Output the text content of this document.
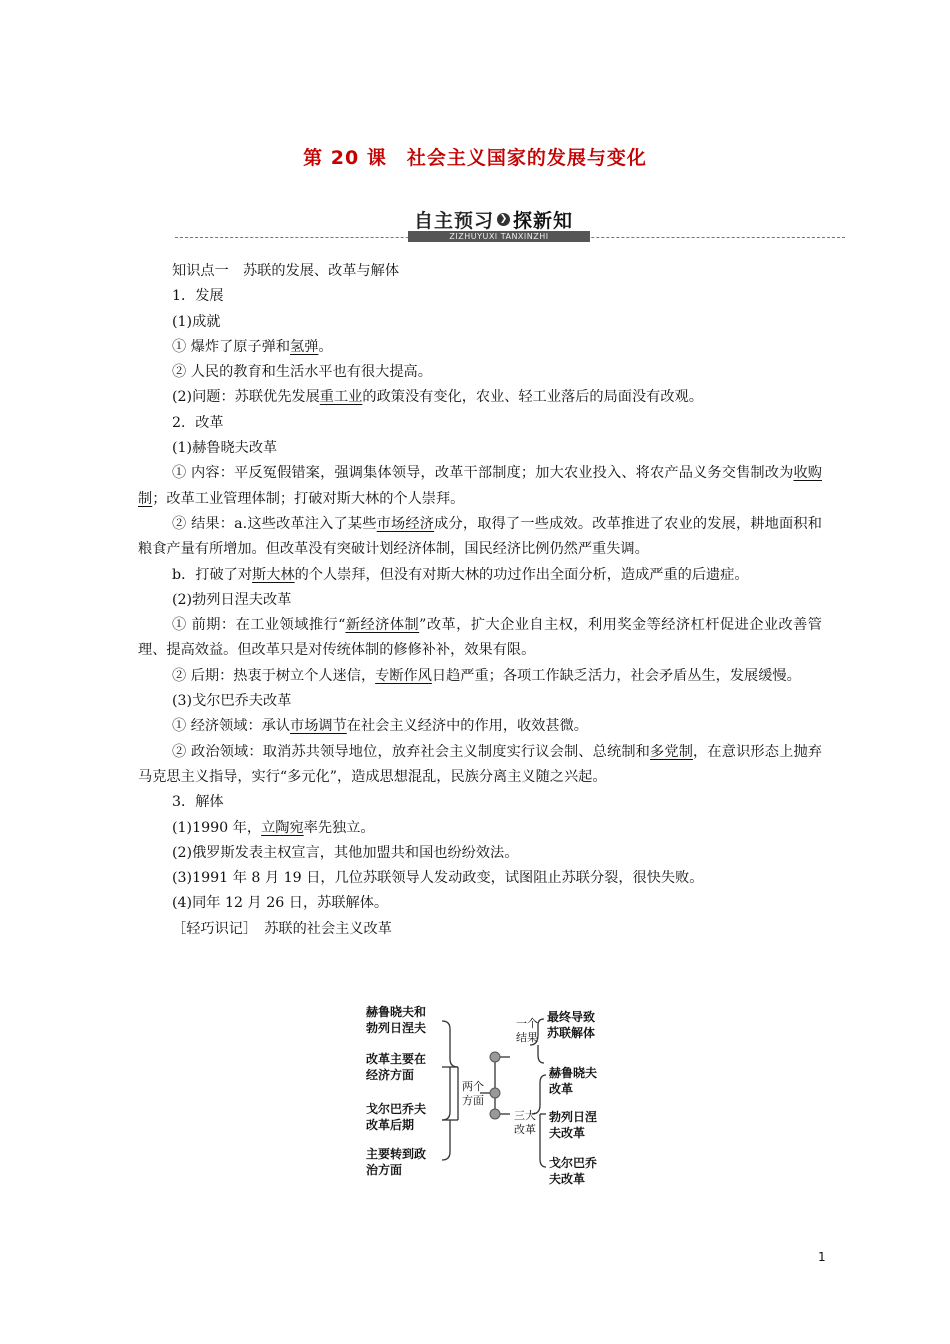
第 20 课　社会主义国家的发展与变化
自主预习 ❯ 探新知
ZIZHUYUXI TANXINZHI

知识点一　苏联的发展、改革与解体

1．发展

(1)成就

① 爆炸了原子弹和氢弹。

② 人民的教育和生活水平也有很大提高。

(2)问题：苏联优先发展重工业的政策没有变化，农业、轻工业落后的局面没有改观。

2．改革

(1)赫鲁晓夫改革

① 内容：平反冤假错案，强调集体领导，改革干部制度；加大农业投入、将农产品义务交售制改为收购制；改革工业管理体制；打破对斯大林的个人崇拜。

② 结果：a.这些改革注入了某些市场经济成分，取得了一些成效。改革推进了农业的发展，耕地面积和粮食产量有所增加。但改革没有突破计划经济体制，国民经济比例仍然严重失调。

b．打破了对斯大林的个人崇拜，但没有对斯大林的功过作出全面分析，造成严重的后遗症。

(2)勃列日涅夫改革

① 前期：在工业领域推行“新经济体制”改革，扩大企业自主权，利用奖金等经济杠杆促进企业改善管理、提高效益。但改革只是对传统体制的修修补补，效果有限。

② 后期：热衷于树立个人迷信，专断作风日趋严重；各项工作缺乏活力，社会矛盾丛生，发展缓慢。

(3)戈尔巴乔夫改革

① 经济领域：承认市场调节在社会主义经济中的作用，收效甚微。

② 政治领域：取消苏共领导地位，放弃社会主义制度实行议会制、总统制和多党制，在意识形态上抛弃马克思主义指导，实行“多元化”，造成思想混乱，民族分离主义随之兴起。

3．解体

(1)1990 年，立陶宛率先独立。

(2)俄罗斯发表主权宣言，其他加盟共和国也纷纷效法。

(3)1991 年 8 月 19 日，几位苏联领导人发动政变，试图阻止苏联分裂，很快失败。

(4)同年 12 月 26 日，苏联解体。

［轻巧识记］　苏联的社会主义改革

赫鲁晓夫和
勃列日涅夫
改革主要在
经济方面
戈尔巴乔夫
改革后期
主要转到政
治方面
两个
方面
一个
结果
三大
改革
最终导致
苏联解体
赫鲁晓夫
改革
勃列日涅
夫改革
戈尔巴乔
夫改革
1
